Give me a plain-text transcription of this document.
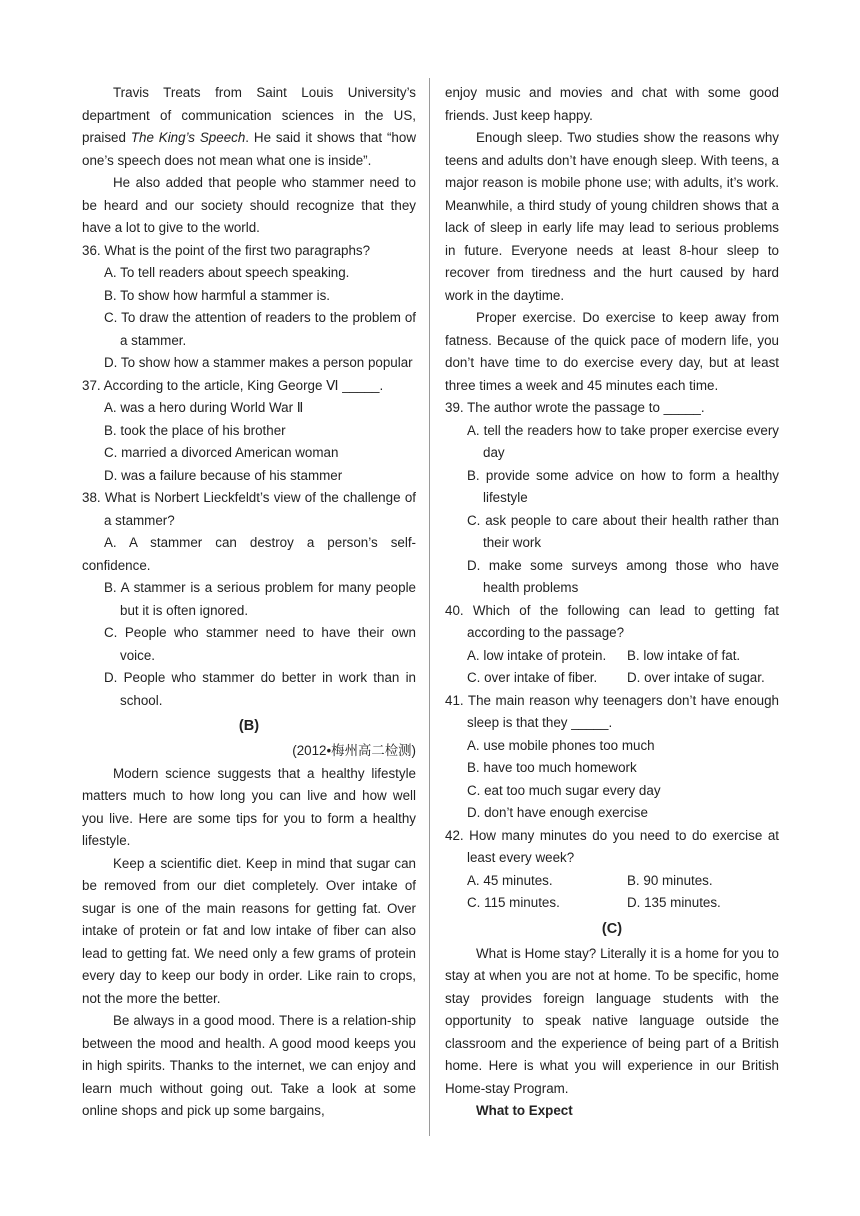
Travis Treats from Saint Louis University’s department of communication sciences in the US, praised The King’s Speech. He said it shows that “how one’s speech does not mean what one is inside”.

He also added that people who stammer need to be heard and our society should recognize that they have a lot to give to the world.

36. What is the point of the first two paragraphs?

A. To tell readers about speech speaking.

B. To show how harmful a stammer is.

C. To draw the attention of readers to the problem of a stammer.

D. To show how a stammer makes a person popular

37. According to the article, King George Ⅵ _____.

A. was a hero during World War Ⅱ

B. took the place of his brother

C. married a divorced American woman

D. was a failure because of his stammer

38. What is Norbert Lieckfeldt’s view of the challenge of a stammer?

A. A stammer can destroy a person’s self-confidence.

B. A stammer is a serious problem for many people but it is often ignored.

C. People who stammer need to have their own voice.

D. People who stammer do better in work than in school.

(B)

(2012•梅州高二检测)

Modern science suggests that a healthy lifestyle matters much to how long you can live and how well you live. Here are some tips for you to form a healthy lifestyle.

Keep a scientific diet. Keep in mind that sugar can be removed from our diet completely. Over intake of sugar is one of the main reasons for getting fat. Over intake of protein or fat and low intake of fiber can also lead to getting fat. We need only a few grams of protein every day to keep our body in order. Like rain to crops, not the more the better.

Be always in a good mood. There is a relation-ship between the mood and health. A good mood keeps you in high spirits. Thanks to the internet, we can enjoy and learn much without going out. Take a look at some online shops and pick up some bargains,

enjoy music and movies and chat with some good friends. Just keep happy.

Enough sleep. Two studies show the reasons why teens and adults don’t have enough sleep. With teens, a major reason is mobile phone use; with adults, it’s work. Meanwhile, a third study of young children shows that a lack of sleep in early life may lead to serious problems in future. Everyone needs at least 8-hour sleep to recover from tiredness and the hurt caused by hard work in the daytime.

Proper exercise. Do exercise to keep away from fatness. Because of the quick pace of modern life, you don’t have time to do exercise every day, but at least three times a week and 45 minutes each time.

39. The author wrote the passage to _____.

A. tell the readers how to take proper exercise every day

B. provide some advice on how to form a healthy lifestyle

C. ask people to care about their health rather than their work

D. make some surveys among those who have health problems

40. Which of the following can lead to getting fat according to the passage?

A. low intake of protein.	B. low intake of fat.
C. over intake of fiber.	D. over intake of sugar.

41. The main reason why teenagers don’t have enough sleep is that they _____.

A. use mobile phones too much

B. have too much homework

C. eat too much sugar every day

D. don’t have enough exercise

42. How many minutes do you need to do exercise at least every week?

A. 45 minutes.	B. 90 minutes.
C. 115 minutes.	D. 135 minutes.

(C)

What is Home stay? Literally it is a home for you to stay at when you are not at home. To be specific, home stay provides foreign language students with the opportunity to speak native language outside the classroom and the experience of being part of a British home. Here is what you will experience in our British Home-stay Program.

What to Expect
